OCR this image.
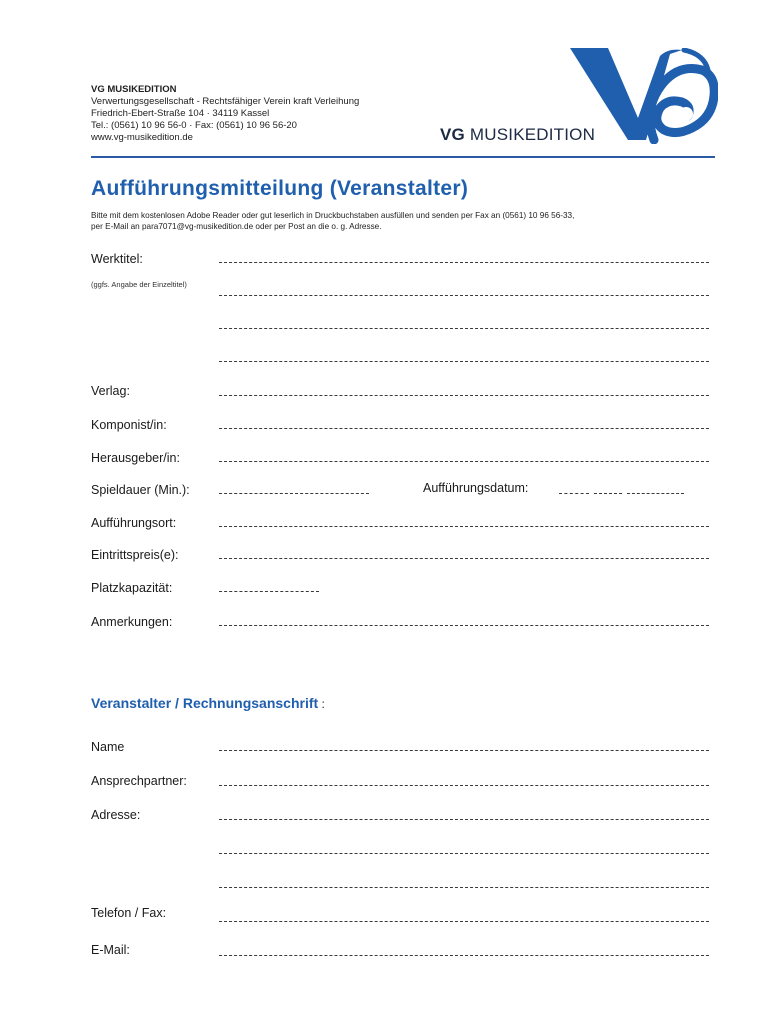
VG MUSIKEDITION
Verwertungsgesellschaft - Rechtsfähiger Verein kraft Verleihung
Friedrich-Ebert-Straße 104 · 34119 Kassel
Tel.: (0561) 10 96 56-0 · Fax: (0561) 10 96 56-20
www.vg-musikedition.de	VG MUSIKEDITION
Aufführungsmitteilung (Veranstalter)
Bitte mit dem kostenlosen Adobe Reader oder gut leserlich in Druckbuchstaben ausfüllen und senden per Fax an (0561) 10 96 56-33,
per E-Mail an para7071@vg-musikedition.de oder per Post an die o. g. Adresse.
Werktitel:
(ggfs. Angabe der Einzeltitel)
Verlag:
Komponist/in:
Herausgeber/in:
Spieldauer (Min.):	Aufführungsdatum:
Aufführungsort:
Eintrittspreis(e):
Platzkapazität:
Anmerkungen:
Veranstalter / Rechnungsanschrift :
Name
Ansprechpartner:
Adresse:
Telefon / Fax:
E-Mail:
